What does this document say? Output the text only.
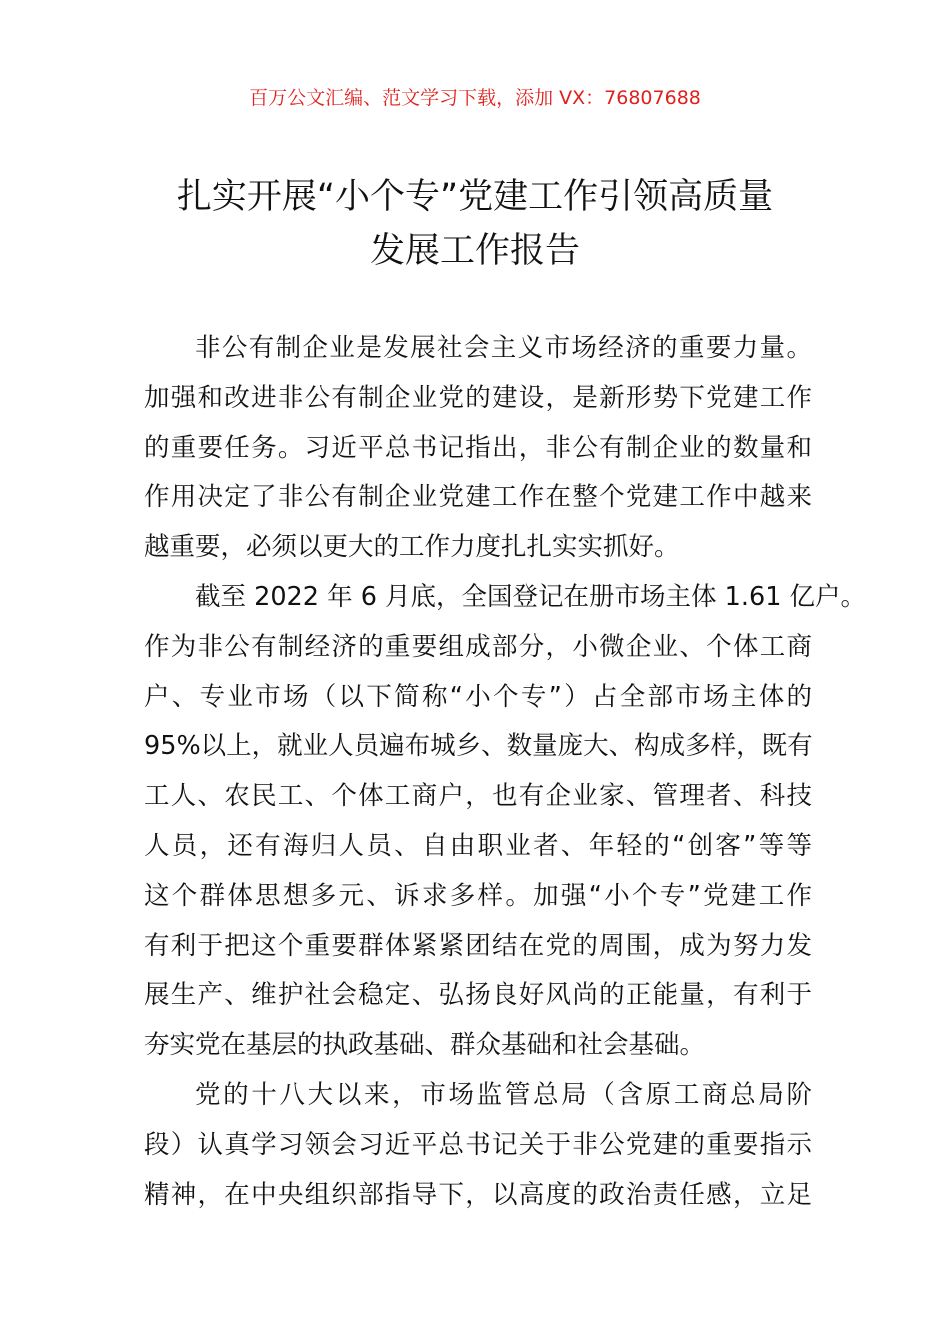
百万公文汇编、范文学习下载，添加 VX：76807688
扎实开展“小个专”党建工作引领高质量
发展工作报告
非公有制企业是发展社会主义市场经济的重要力量。
加强和改进非公有制企业党的建设，是新形势下党建工作
的重要任务。习近平总书记指出，非公有制企业的数量和
作用决定了非公有制企业党建工作在整个党建工作中越来
越重要，必须以更大的工作力度扎扎实实抓好。
截至 2022 年 6 月底，全国登记在册市场主体 1.61 亿户。
作为非公有制经济的重要组成部分，小微企业、个体工商
户、专业市场（以下简称“小个专”）占全部市场主体的
95%以上，就业人员遍布城乡、数量庞大、构成多样，既有
工人、农民工、个体工商户，也有企业家、管理者、科技
人员，还有海归人员、自由职业者、年轻的“创客”等等
这个群体思想多元、诉求多样。加强“小个专”党建工作
有利于把这个重要群体紧紧团结在党的周围，成为努力发
展生产、维护社会稳定、弘扬良好风尚的正能量，有利于
夯实党在基层的执政基础、群众基础和社会基础。
党的十八大以来，市场监管总局（含原工商总局阶
段）认真学习领会习近平总书记关于非公党建的重要指示
精神，在中央组织部指导下，以高度的政治责任感，立足
